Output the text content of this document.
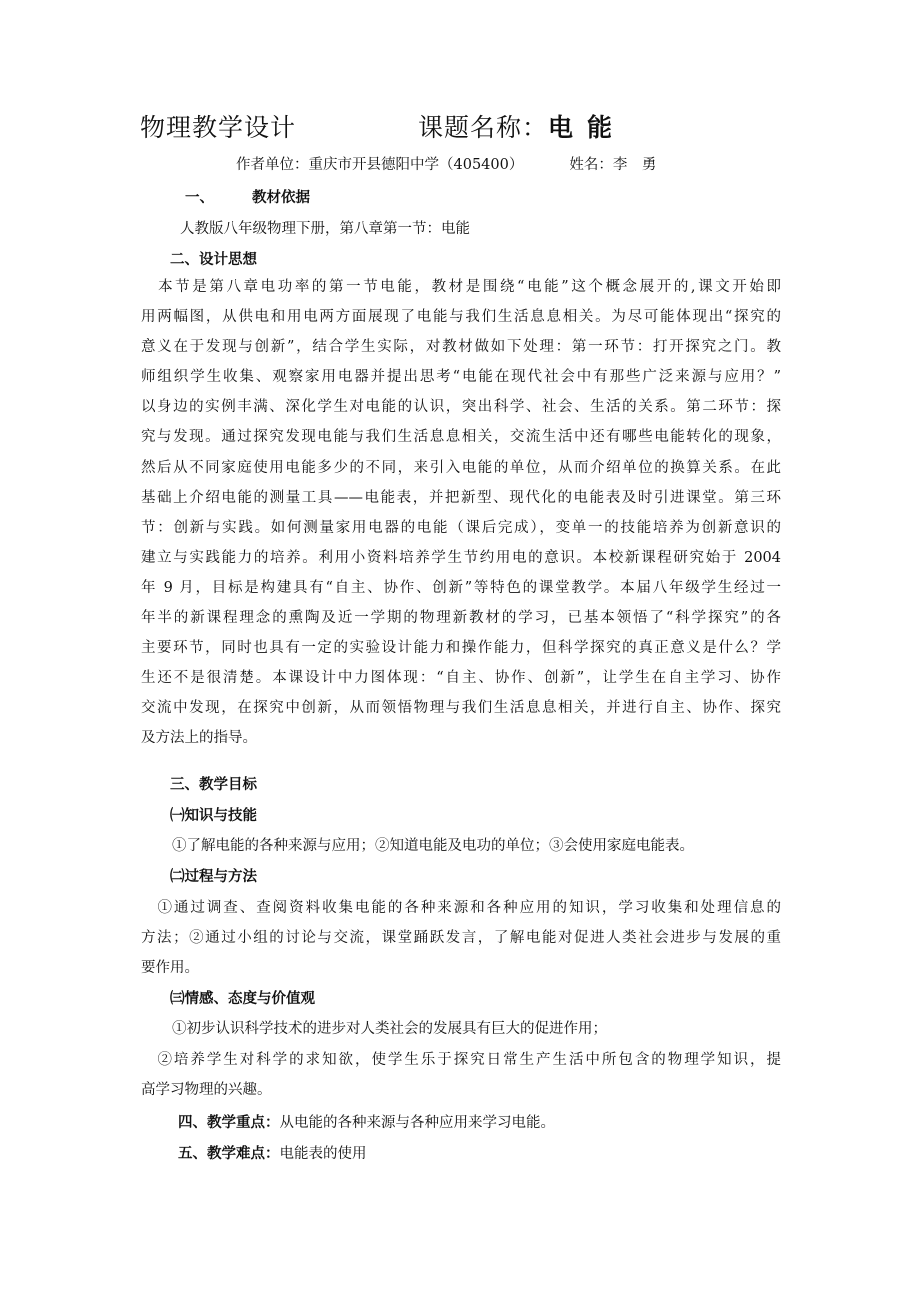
物理教学设计	课题名称：电能
作者单位：重庆市开县德阳中学（405400）	姓名：李　勇
一、	教材依据
人教版八年级物理下册，第八章第一节：电能
二、设计思想
　本节是第八章电功率的第一节电能，教材是围绕“电能”这个概念展开的,课文开始即
用两幅图，从供电和用电两方面展现了电能与我们生活息息相关。为尽可能体现出“探究的
意义在于发现与创新”，结合学生实际，对教材做如下处理：第一环节：打开探究之门。教
师组织学生收集、观察家用电器并提出思考“电能在现代社会中有那些广泛来源与应用？”
以身边的实例丰满、深化学生对电能的认识，突出科学、社会、生活的关系。第二环节：探
究与发现。通过探究发现电能与我们生活息息相关，交流生活中还有哪些电能转化的现象，
然后从不同家庭使用电能多少的不同，来引入电能的单位，从而介绍单位的换算关系。在此
基础上介绍电能的测量工具——电能表，并把新型、现代化的电能表及时引进课堂。第三环
节：创新与实践。如何测量家用电器的电能（课后完成），变单一的技能培养为创新意识的
建立与实践能力的培养。利用小资料培养学生节约用电的意识。本校新课程研究始于 2004
年 9 月，目标是构建具有“自主、协作、创新”等特色的课堂教学。本届八年级学生经过一
年半的新课程理念的熏陶及近一学期的物理新教材的学习，已基本领悟了“科学探究”的各
主要环节，同时也具有一定的实验设计能力和操作能力，但科学探究的真正意义是什么？学
生还不是很清楚。本课设计中力图体现：“自主、协作、创新”，让学生在自主学习、协作
交流中发现，在探究中创新，从而领悟物理与我们生活息息相关，并进行自主、协作、探究
及方法上的指导。
三、教学目标
㈠知识与技能
①了解电能的各种来源与应用；②知道电能及电功的单位；③会使用家庭电能表。
㈡过程与方法
　①通过调查、查阅资料收集电能的各种来源和各种应用的知识，学习收集和处理信息的
方法；②通过小组的讨论与交流，课堂踊跃发言，了解电能对促进人类社会进步与发展的重
要作用。
㈢情感、态度与价值观
①初步认识科学技术的进步对人类社会的发展具有巨大的促进作用；
　②培养学生对科学的求知欲，使学生乐于探究日常生产生活中所包含的物理学知识，提
高学习物理的兴趣。
四、教学重点：从电能的各种来源与各种应用来学习电能。
五、教学难点：电能表的使用
